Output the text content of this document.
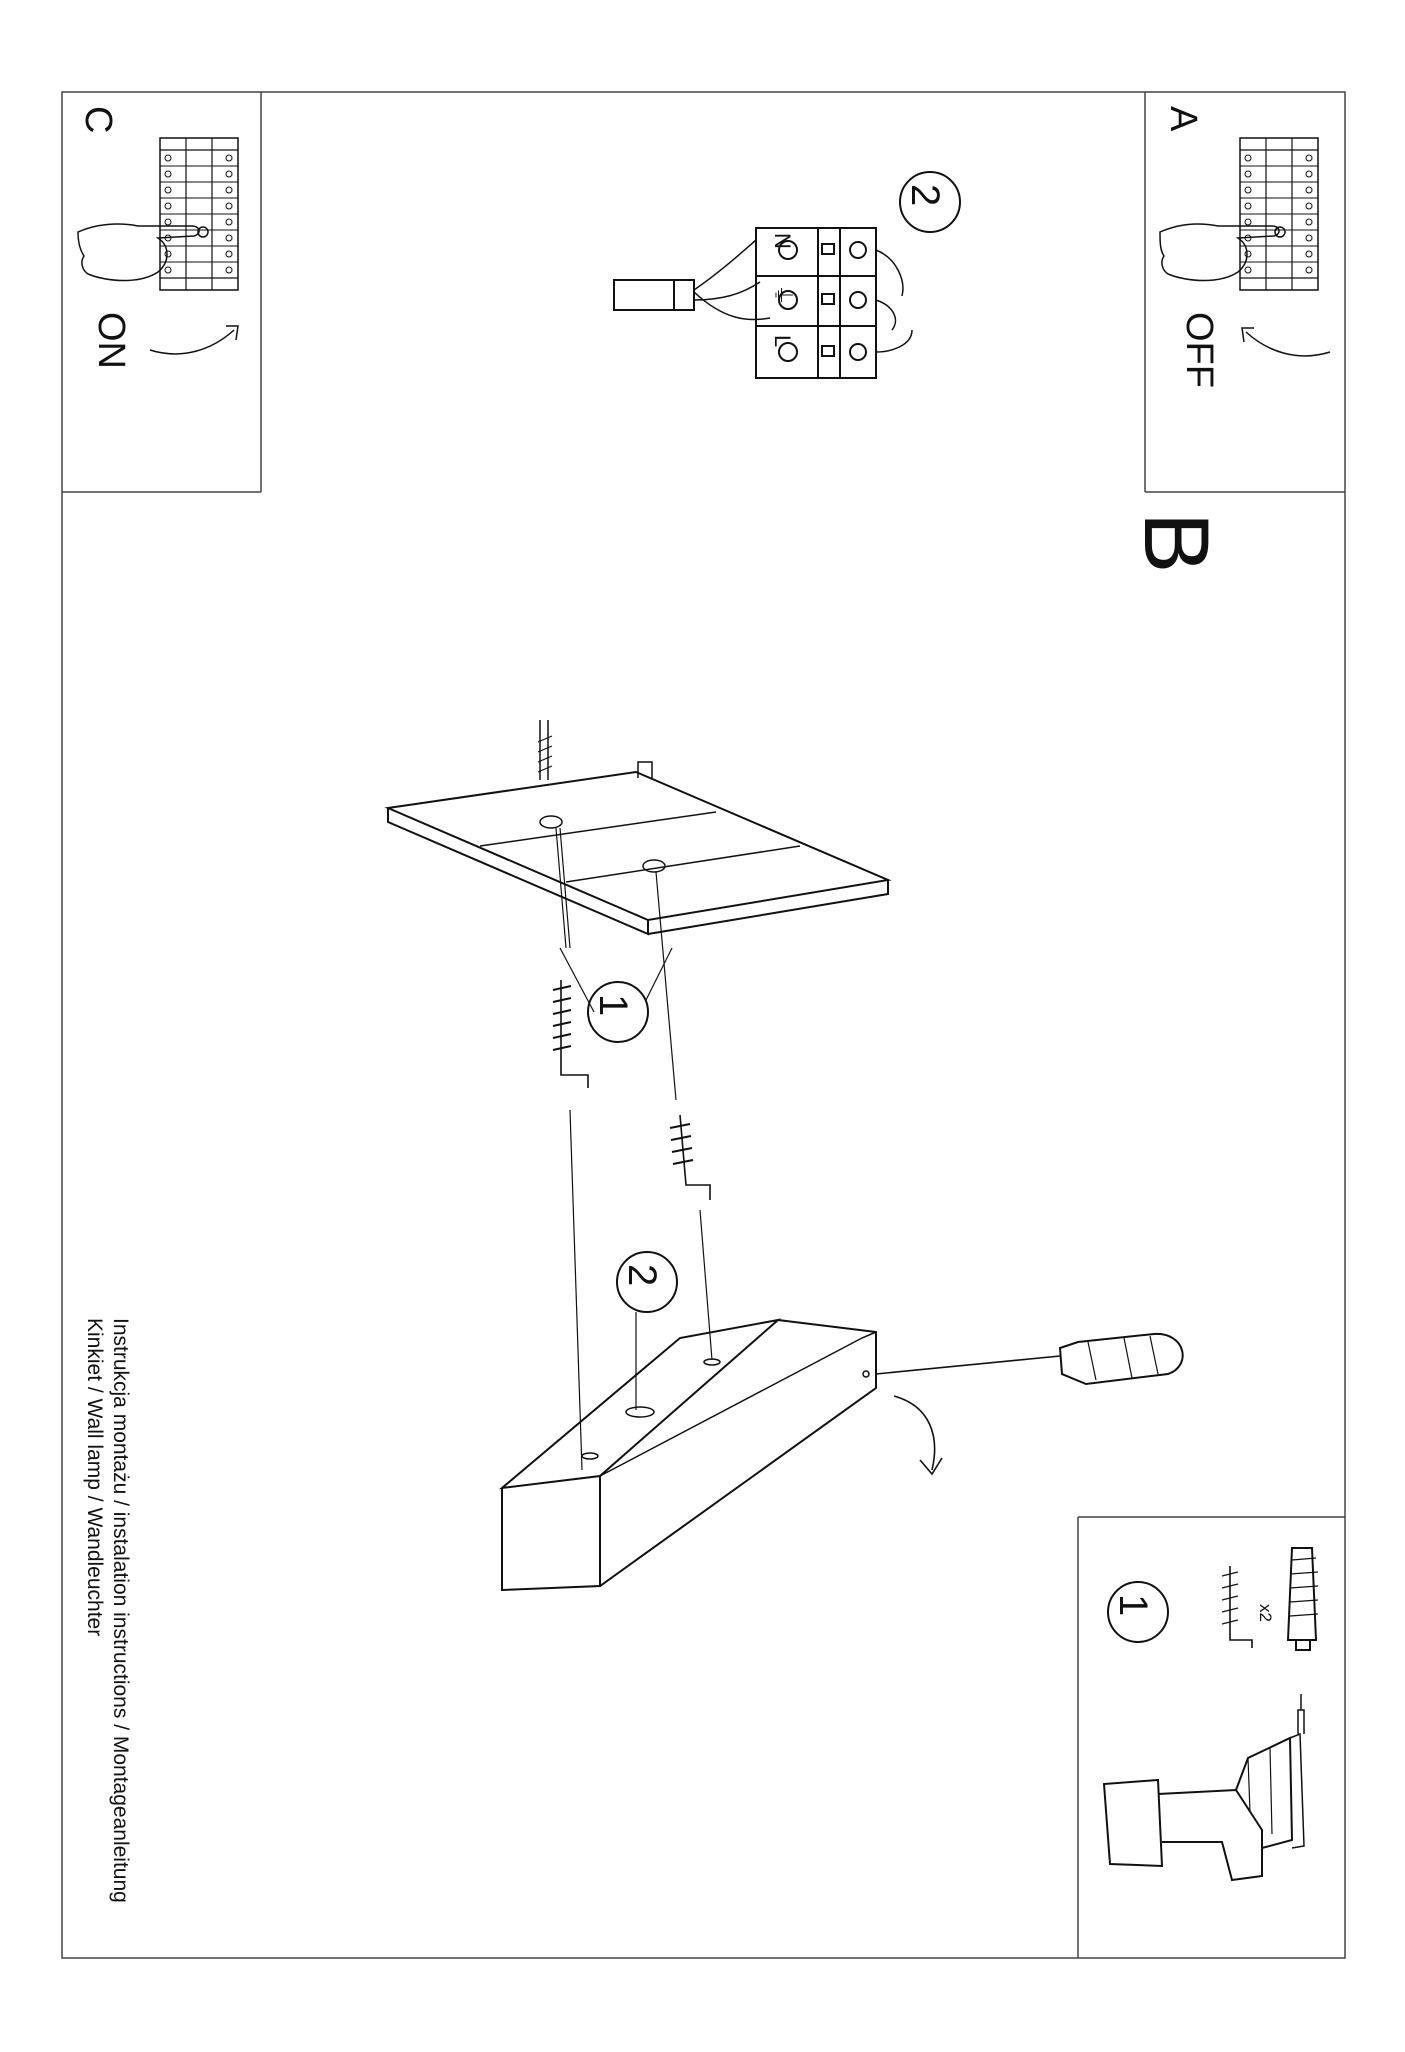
N
⏚
L
B
A
OFF
C
ON
2
1
2
1	x2
Instrukcja montażu / instalation instructions / Montageanleitung
Kinkiet / Wall lamp / Wandleuchter
